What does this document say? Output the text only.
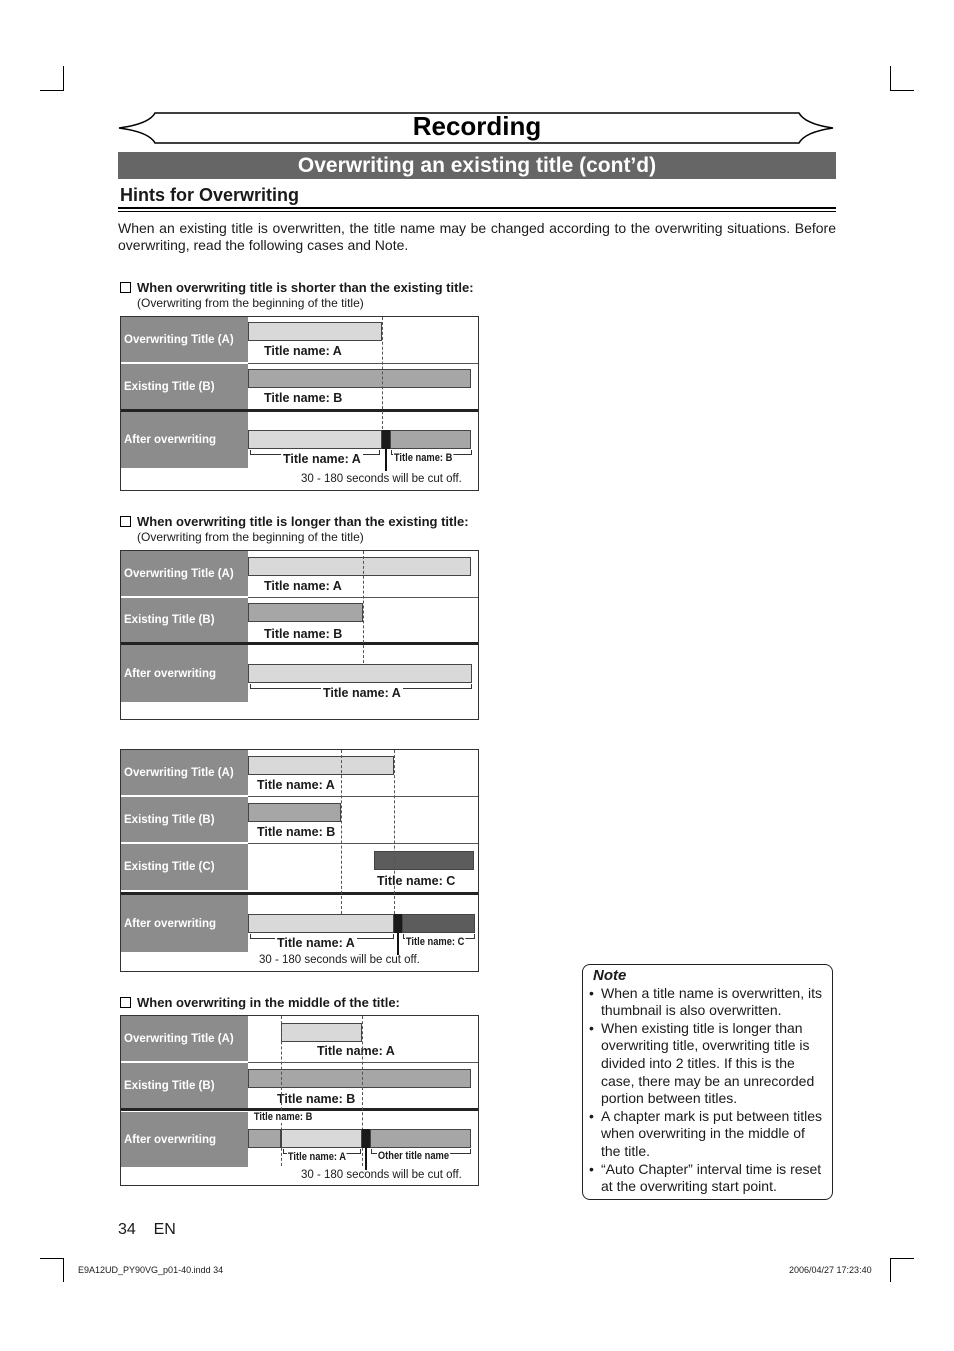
Recording
Overwriting an existing title (cont’d)
Hints for Overwriting
When an existing title is overwritten, the title name may be changed according to the overwriting situations. Before overwriting, read the following cases and Note.
When overwriting title is shorter than the existing title:
(Overwriting from the beginning of the title)
Overwriting Title (A)
Existing Title (B)
After overwriting
Title name: A
Title name: B
Title name: A	Title name: B
30 - 180 seconds will be cut off.
When overwriting title is longer than the existing title:
(Overwriting from the beginning of the title)
Overwriting Title (A)
Existing Title (B)
After overwriting
Title name: A
Title name: B
Title name: A
Overwriting Title (A)
Existing Title (B)
Existing Title (C)
After overwriting
Title name: A
Title name: B
Title name: C
Title name: A	Title name: C
30 - 180 seconds will be cut off.
When overwriting in the middle of the title:
Overwriting Title (A)
Existing Title (B)
After overwriting
Title name: A
Title name: B
Title name: B
Title name: A	Other title name
30 - 180 seconds will be cut off.
Note
• When a title name is overwritten, its thumbnail is also overwritten.
• When existing title is longer than overwriting title, overwriting title is divided into 2 titles. If this is the case, there may be an unrecorded portion between titles.
• A chapter mark is put between titles when overwriting in the middle of the title.
• “Auto Chapter” interval time is reset at the overwriting start point.
34 EN
E9A12UD_PY90VG_p01-40.indd 34	2006/04/27 17:23:40
